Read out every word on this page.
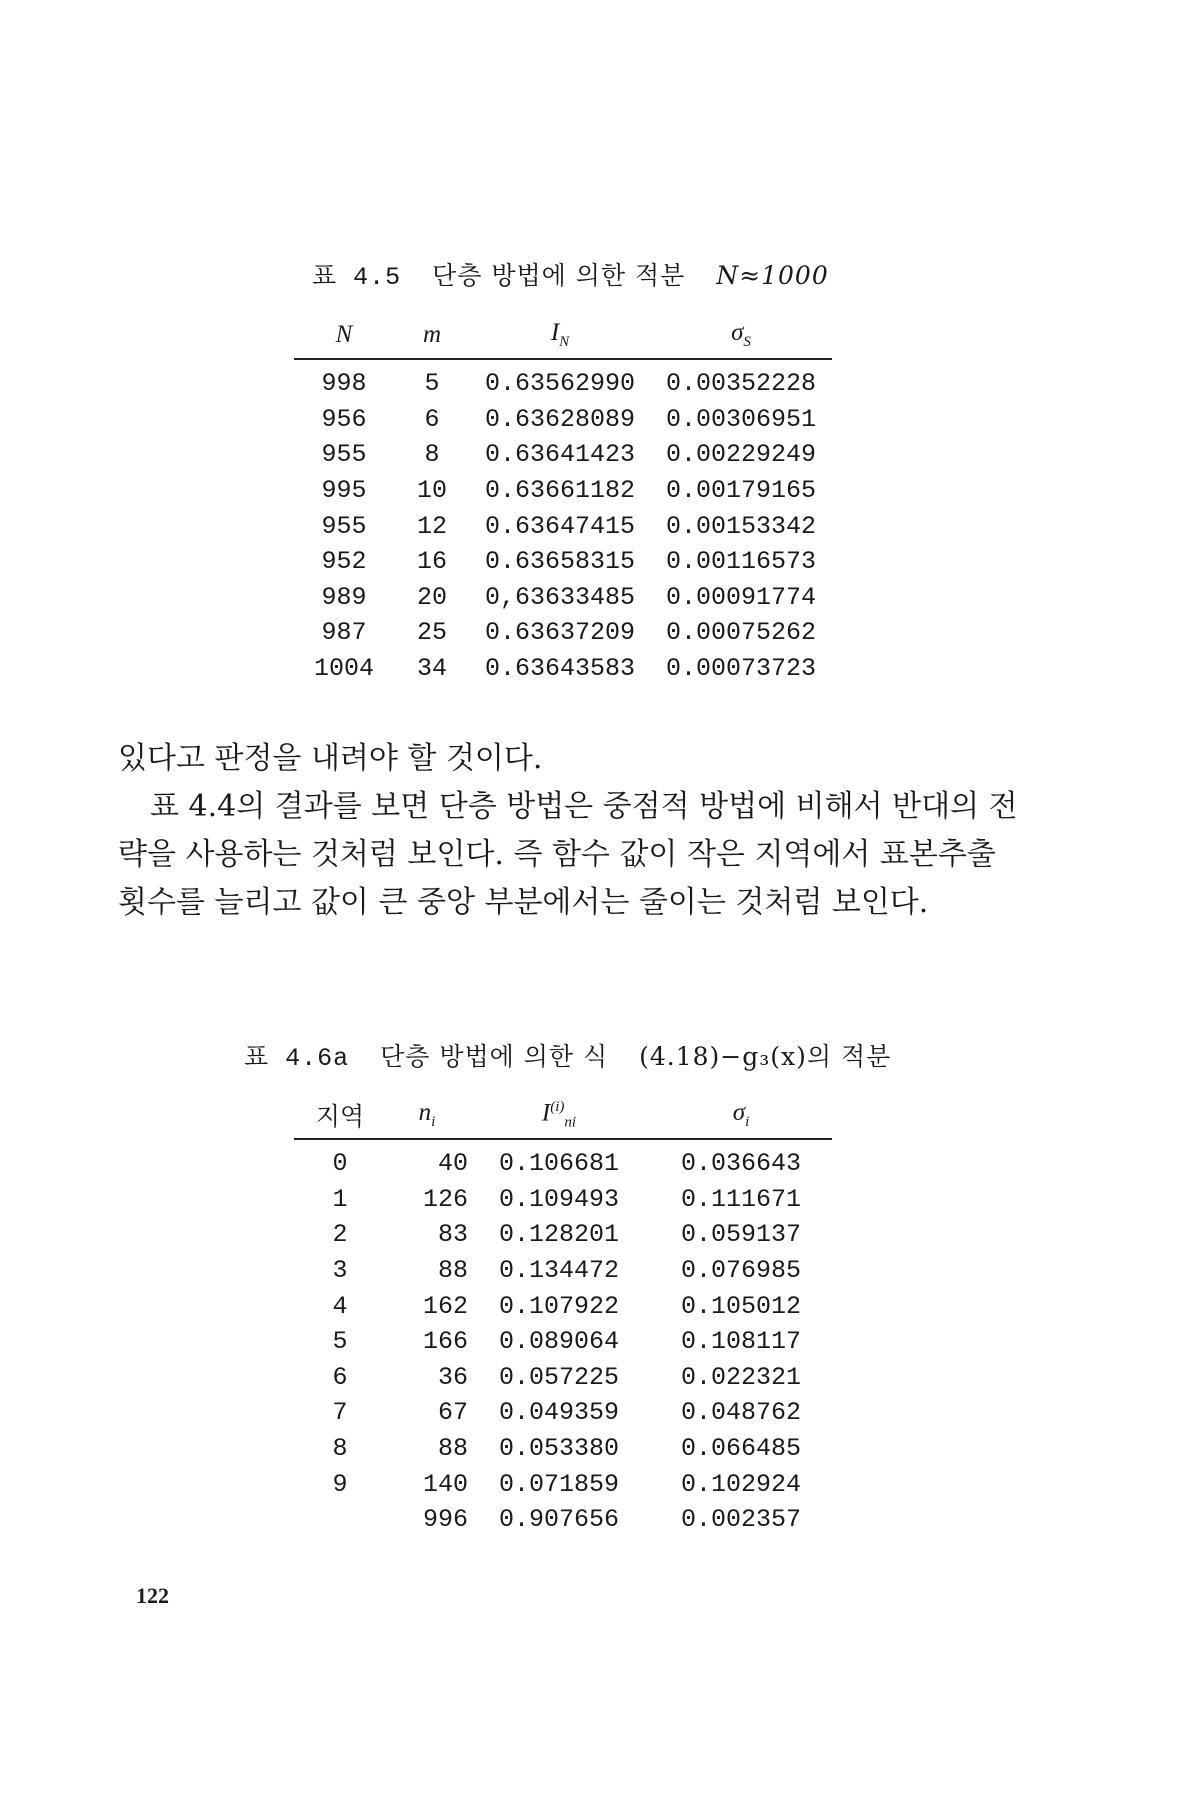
표 4.5 단층 방법에 의한 적분 N≈1000
N	m	$I_N$	$\sigma_S$
998	5	0.63562990	0.00352228
956	6	0.63628089	0.00306951
955	8	0.63641423	0.00229249
995	10	0.63661182	0.00179165
955	12	0.63647415	0.00153342
952	16	0.63658315	0.00116573
989	20	0,63633485	0.00091774
987	25	0.63637209	0.00075262
1004	34	0.63643583	0.00073723

있다고 판정을 내려야 할 것이다.

표 4.4의 결과를 보면 단층 방법은 중점적 방법에 비해서 반대의 전략을 사용하는 것처럼 보인다. 즉 함수 값이 작은 지역에서 표본추출 횟수를 늘리고 값이 큰 중앙 부분에서는 줄이는 것처럼 보인다.

표 4.6a 단층 방법에 의한 식 (4.18)−g₃(x)의 적분
지역	$n_i$	$I^{(i)}_{ni}$	$\sigma_i$
0	40	0.106681	0.036643
1	126	0.109493	0.111671
2	83	0.128201	0.059137
3	88	0.134472	0.076985
4	162	0.107922	0.105012
5	166	0.089064	0.108117
6	36	0.057225	0.022321
7	67	0.049359	0.048762
8	88	0.053380	0.066485
9	140	0.071859	0.102924
	996	0.907656	0.002357
122
